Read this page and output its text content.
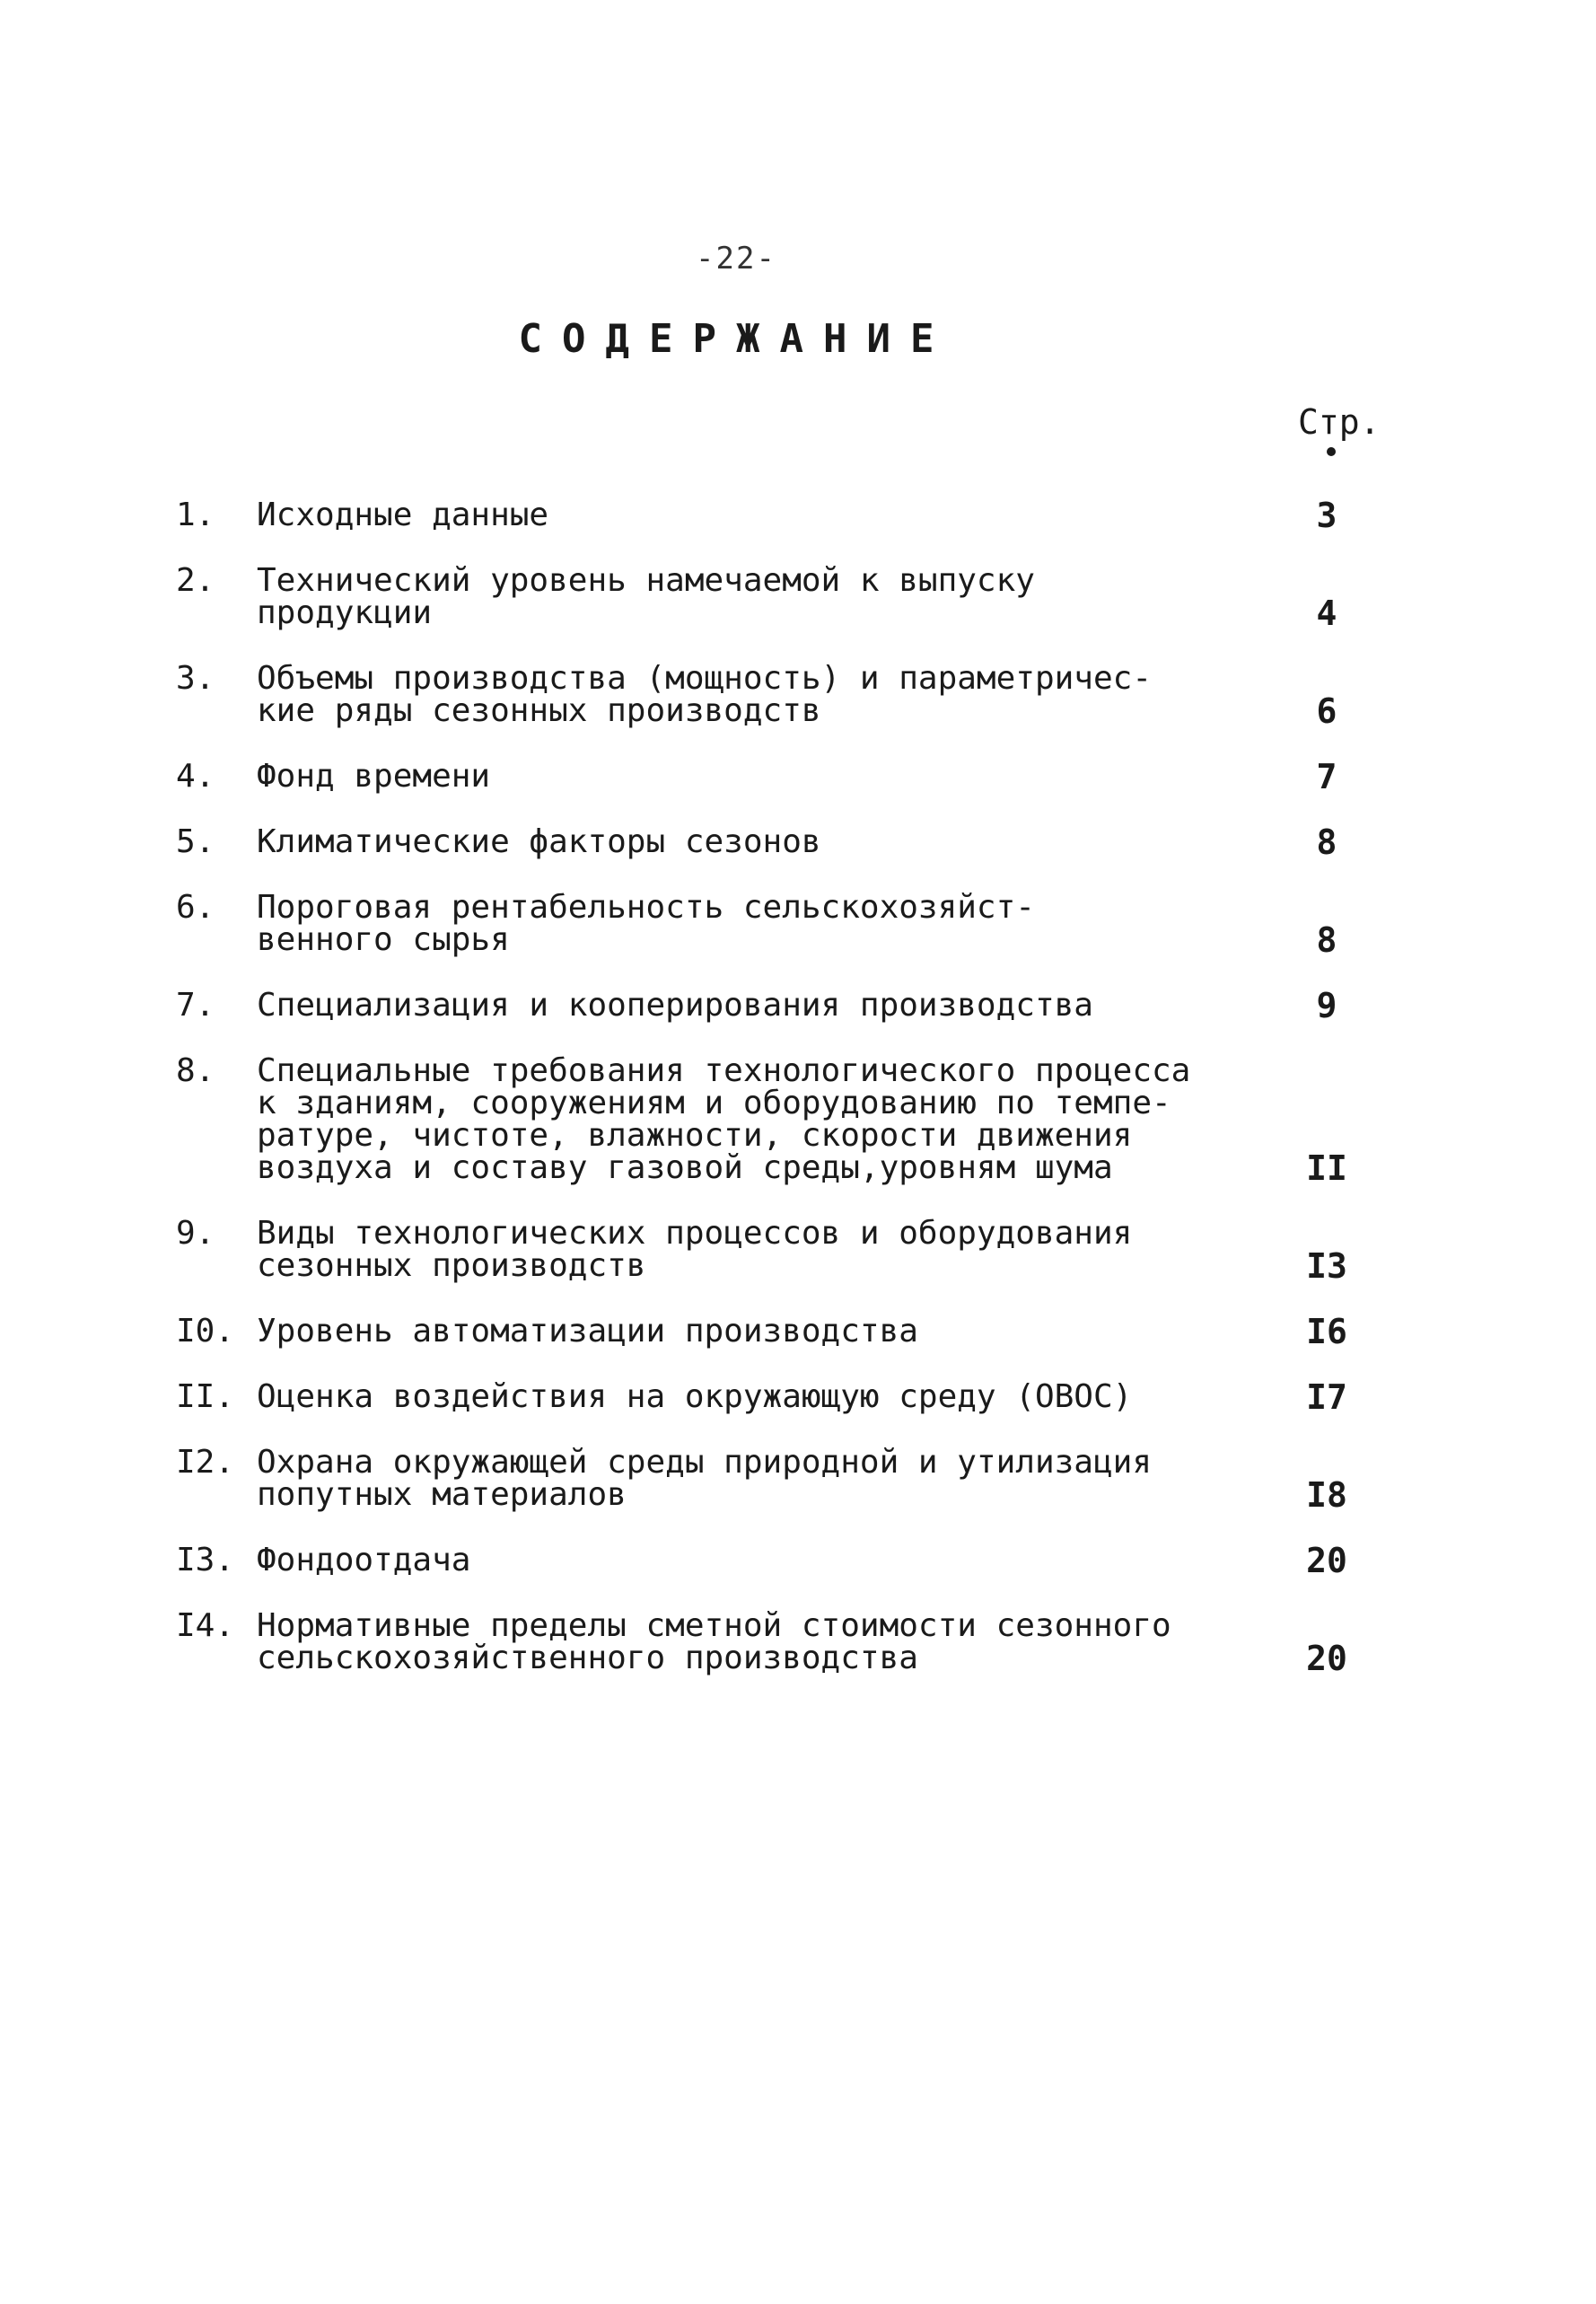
-22-
СОДЕРЖАНИЕ
Стр.
1. Исходные данные	3
2. Технический уровень намечаемой к выпуску
продукции	4
3. Объемы производства (мощность) и параметричес-
кие ряды сезонных производств	6
4. Фонд времени	7
5. Климатические факторы сезонов	8
6. Пороговая рентабельность сельскохозяйст-
венного сырья	8
7. Специализация и кооперирования производства	9
8. Специальные требования технологического процесса
к зданиям, сооружениям и оборудованию по темпе-
ратуре, чистоте, влажности, скорости движения
воздуха и составу газовой среды,уровням шума	II
9. Виды технологических процессов и оборудования
сезонных производств	I3
I0. Уровень автоматизации производства	I6
II. Оценка воздействия на окружающую среду (ОВОС)	I7
I2. Охрана окружающей среды природной и утилизация
попутных материалов	I8
I3. Фондоотдача	20
I4. Нормативные пределы сметной стоимости сезонного
сельскохозяйственного производства	20
